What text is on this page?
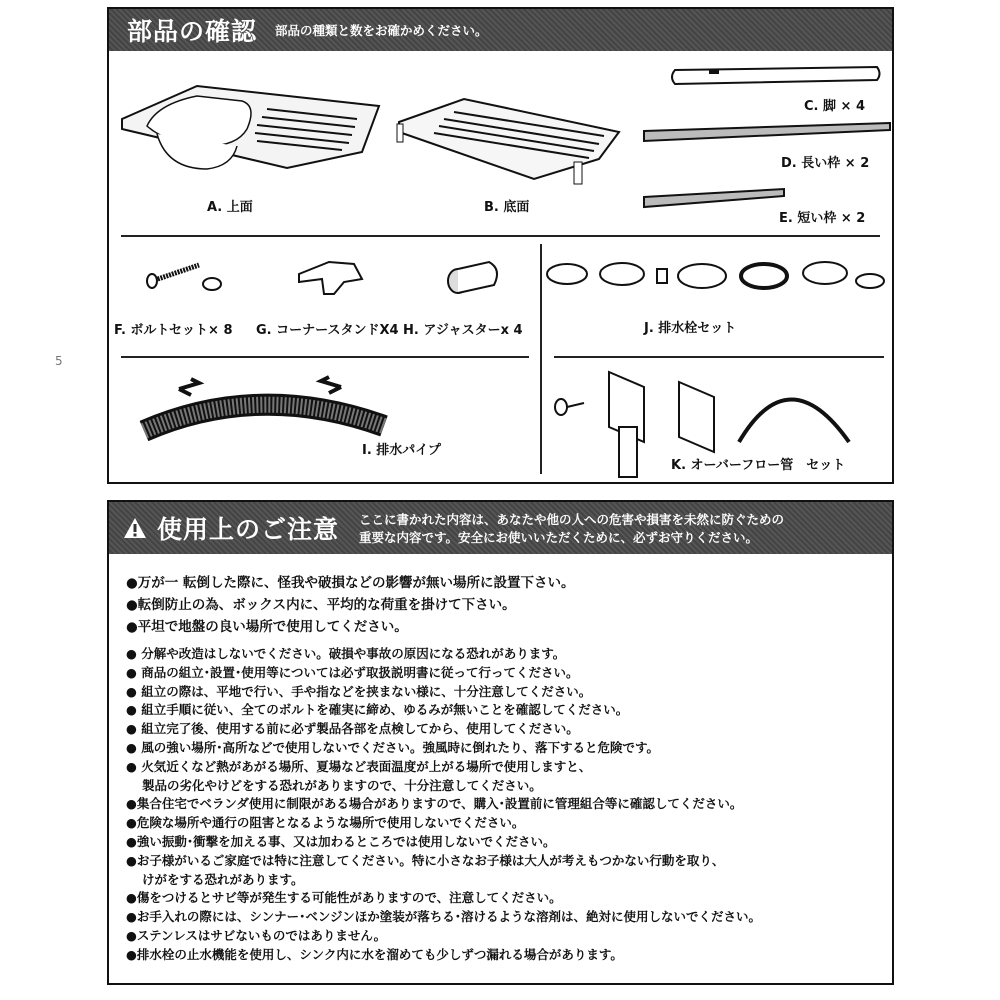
部品の確認 部品の種類と数をお確かめください。
A. 上面	B. 底面
C. 脚 × 4
D. 長い枠 × 2
E. 短い枠 × 2
F. ボルトセット× 8 G. コーナースタンドX4 H. アジャスターx 4	J. 排水栓セット
I. 排水パイプ
K. オーバーフロー管　セット
5
使用上のご注意 ここに書かれた内容は、あなたや他の人への危害や損害を未然に防ぐための
重要な内容です。安全にお使いいただくために、必ずお守りください。
●万が一 転倒した際に、怪我や破損などの影響が無い場所に設置下さい。
●転倒防止の為、ボックス内に、平均的な荷重を掛けて下さい。
●平坦で地盤の良い場所で使用してください。
● 分解や改造はしないでください。破損や事故の原因になる恐れがあります。
● 商品の組立･設置･使用等については必ず取扱説明書に従って行ってください。
● 組立の際は、平地で行い、手や指などを挟まない様に、十分注意してください。
● 組立手順に従い、全てのボルトを確実に締め、ゆるみが無いことを確認してください。
● 組立完了後、使用する前に必ず製品各部を点検してから、使用してください。
● 風の強い場所･高所などで使用しないでください。強風時に倒れたり、落下すると危険です。
● 火気近くなど熱があがる場所、夏場など表面温度が上がる場所で使用しますと、
製品の劣化やけどをする恐れがありますので、十分注意してください。
●集合住宅でベランダ使用に制限がある場合がありますので、購入･設置前に管理組合等に確認してください。
●危険な場所や通行の阻害となるような場所で使用しないでください。
●強い振動･衝撃を加える事、又は加わるところでは使用しないでください。
●お子様がいるご家庭では特に注意してください。特に小さなお子様は大人が考えもつかない行動を取り、
けがをする恐れがあります。
●傷をつけるとサビ等が発生する可能性がありますので、注意してください。
●お手入れの際には、シンナー･ベンジンほか塗装が落ちる･溶けるような溶剤は、絶対に使用しないでください。
●ステンレスはサビないものではありません。
●排水栓の止水機能を使用し、シンク内に水を溜めても少しずつ漏れる場合があります。
